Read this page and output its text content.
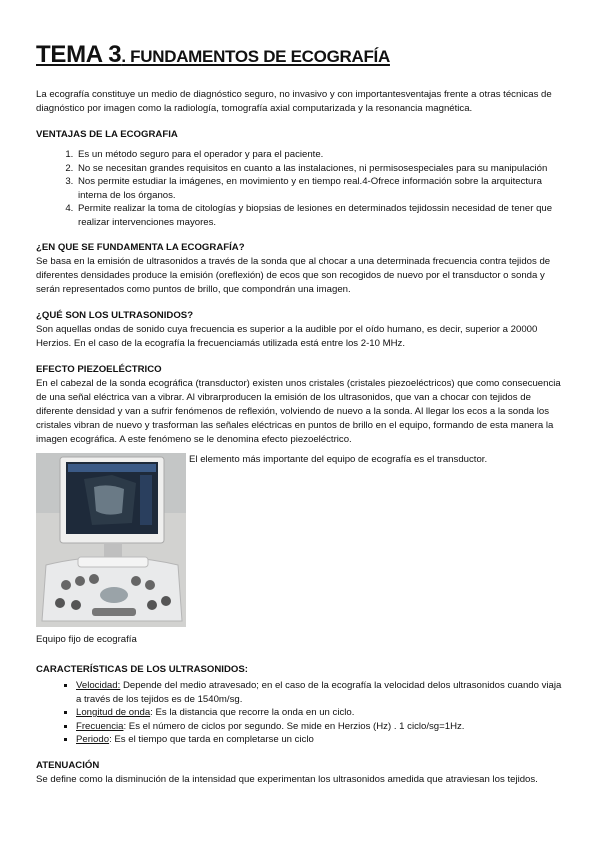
TEMA 3. FUNDAMENTOS DE ECOGRAFÍA

La ecografía constituye un medio de diagnóstico seguro, no invasivo y con importantesventajas frente a otras técnicas de diagnóstico por imagen como la radiología, tomografía axial computarizada y la resonancia magnética.

VENTAJAS DE LA ECOGRAFIA
1. Es un método seguro para el operador y para el paciente.
2. No se necesitan grandes requisitos en cuanto a las instalaciones, ni permisosespeciales para su manipulación
3. Nos permite estudiar la imágenes, en movimiento y en tiempo real.4-Ofrece información sobre la arquitectura interna de los órganos.
4. Permite realizar la toma de citologías y biopsias de lesiones en determinados tejidossin necesidad de tener que realizar intervenciones mayores.
¿EN QUE SE FUNDAMENTA LA ECOGRAFÍA?

Se basa en la emisión de ultrasonidos a través de la sonda que al chocar a una determinada frecuencia contra tejidos de diferentes densidades produce la emisión (oreflexión) de ecos que son recogidos de nuevo por el transductor o sonda y serán representados como puntos de brillo, que compondrán una imagen.

¿QUÉ SON LOS ULTRASONIDOS?

Son aquellas ondas de sonido cuya frecuencia es superior a la audible por el oído humano, es decir, superior a 20000 Herzios. En el caso de la ecografía la frecuenciamás utilizada está entre los 2-10 MHz.

EFECTO PIEZOELÉCTRICO

En el cabezal de la sonda ecográfica (transductor) existen unos cristales (cristales piezoeléctricos) que como consecuencia de una señal eléctrica van a vibrar. Al vibrarproducen la emisión de los ultrasonidos, que van a chocar con tejidos de diferente densidad y van a sufrir fenómenos de reflexión, volviendo de nuevo a la sonda. Al llegar los ecos a la sonda los cristales vibran de nuevo y trasforman las señales eléctricas en puntos de brillo en el equipo, formando de esta manera la imagen ecográfica. A este fenómeno se le denomina efecto piezoeléctrico.

El elemento más importante del equipo de ecografía es el transductor.
Equipo fijo de ecografía
CARACTERÍSTICAS DE LOS ULTRASONIDOS:
▪ Velocidad: Depende del medio atravesado; en el caso de la ecografía la velocidad delos ultrasonidos cuando viaja a través de los tejidos es de 1540m/sg.
▪ Longitud de onda: Es la distancia que recorre la onda en un ciclo.
▪ Frecuencia: Es el número de ciclos por segundo. Se mide en Herzios (Hz) . 1 ciclo/sg=1Hz.
▪ Periodo: Es el tiempo que tarda en completarse un ciclo
ATENUACIÓN

Se define como la disminución de la intensidad que experimentan los ultrasonidos amedida que atraviesan los tejidos.
